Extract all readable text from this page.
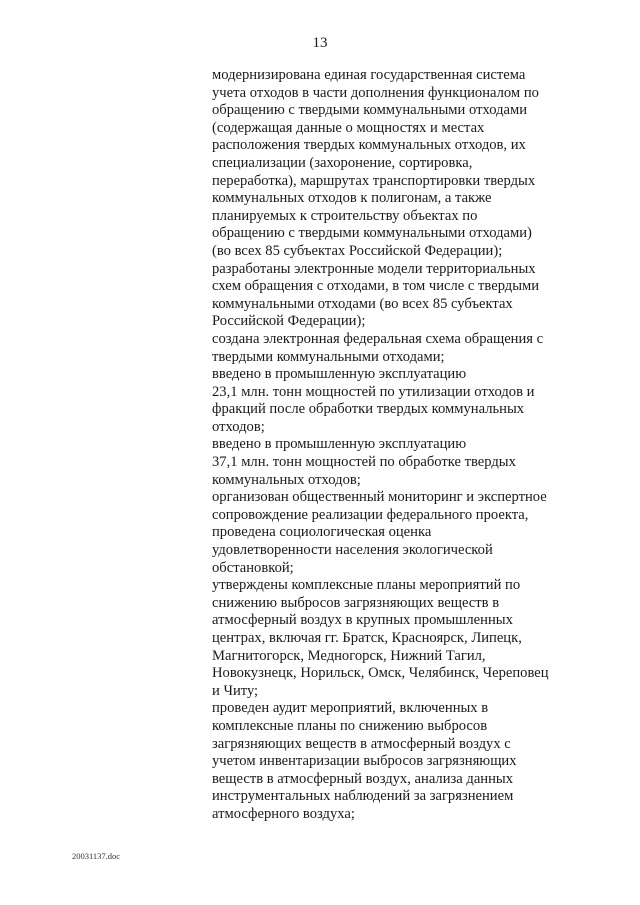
13
модернизирована единая государственная система
учета отходов в части дополнения функционалом по
обращению с твердыми коммунальными отходами
(содержащая данные о мощностях и местах
расположения твердых коммунальных отходов, их
специализации (захоронение, сортировка,
переработка), маршрутах транспортировки твердых
коммунальных отходов к полигонам, а также
планируемых к строительству объектах по
обращению с твердыми коммунальными отходами)
(во всех 85 субъектах Российской Федерации);
разработаны электронные модели территориальных
схем обращения с отходами, в том числе с твердыми
коммунальными отходами (во всех 85 субъектах
Российской Федерации);
создана электронная федеральная схема обращения с
твердыми коммунальными отходами;
введено в промышленную эксплуатацию
23,1 млн. тонн мощностей по утилизации отходов и
фракций после обработки твердых коммунальных
отходов;
введено в промышленную эксплуатацию
37,1 млн. тонн мощностей по обработке твердых
коммунальных отходов;
организован общественный мониторинг и экспертное
сопровождение реализации федерального проекта,
проведена социологическая оценка
удовлетворенности населения экологической
обстановкой;
утверждены комплексные планы мероприятий по
снижению выбросов загрязняющих веществ в
атмосферный воздух в крупных промышленных
центрах, включая гг. Братск, Красноярск, Липецк,
Магнитогорск, Медногорск, Нижний Тагил,
Новокузнецк, Норильск, Омск, Челябинск, Череповец
и Читу;
проведен аудит мероприятий, включенных в
комплексные планы по снижению выбросов
загрязняющих веществ в атмосферный воздух с
учетом инвентаризации выбросов загрязняющих
веществ в атмосферный воздух, анализа данных
инструментальных наблюдений за загрязнением
атмосферного воздуха;
20031137.doc
